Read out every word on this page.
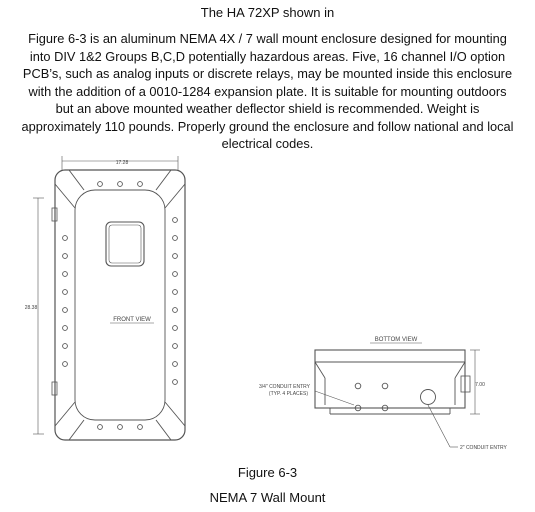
The HA 72XP shown in

Figure 6-3 is an aluminum NEMA 4X / 7 wall mount enclosure designed for mounting
into DIV 1&2 Groups B,C,D potentially hazardous areas. Five, 16 channel I/O option
PCB’s, such as analog inputs or discrete relays, may be mounted inside this enclosure
with the addition of a 0010-1284 expansion plate. It is suitable for mounting outdoors
but an above mounted weather deflector shield is recommended. Weight is
approximately 110 pounds. Properly ground the enclosure and follow national and local
electrical codes.

17.28
28.38
FRONT VIEW
BOTTOM VIEW
7.00
3/4" CONDUIT ENTRY
(TYP. 4 PLACES)
2" CONDUIT ENTRY
Figure 6-3
NEMA 7 Wall Mount
